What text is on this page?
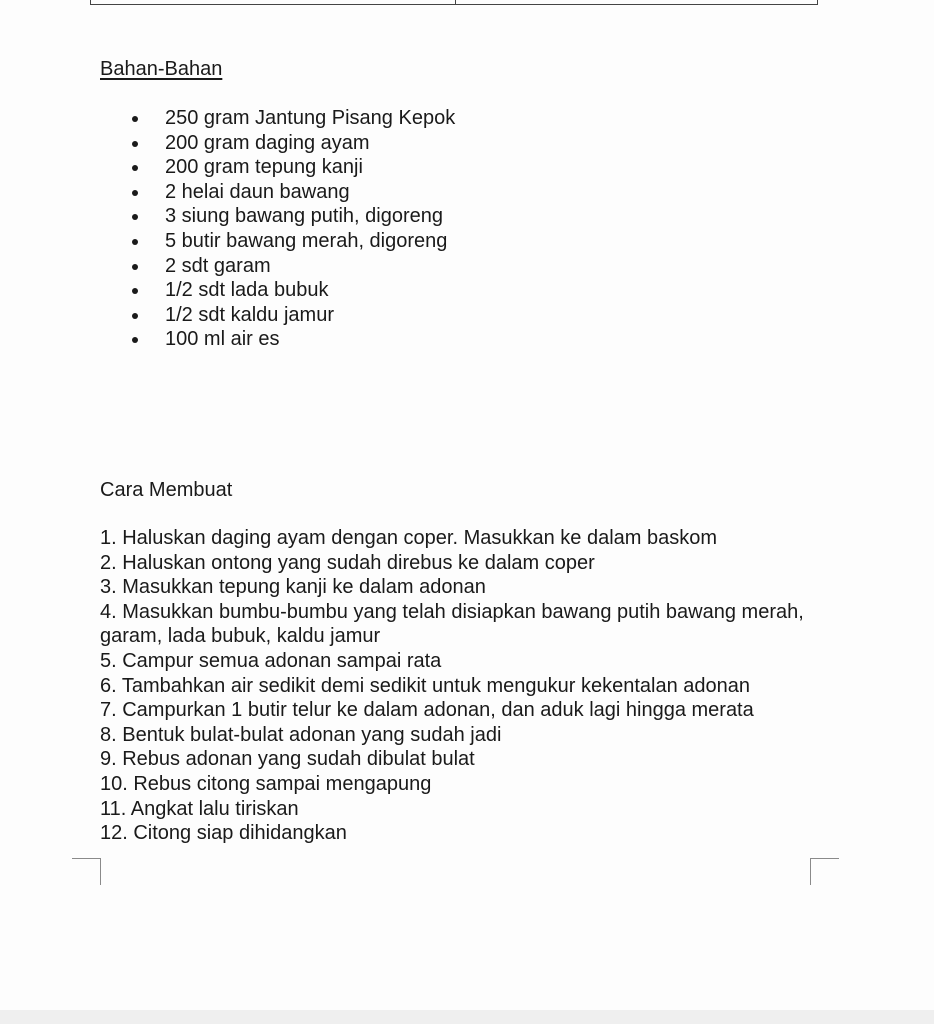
Bahan-Bahan
250 gram Jantung Pisang Kepok
200 gram daging ayam
200 gram tepung kanji
2 helai daun bawang
3 siung bawang putih, digoreng
5 butir bawang merah, digoreng
2 sdt garam
1/2 sdt lada bubuk
1/2 sdt kaldu jamur
100 ml air es
Cara Membuat
1. Haluskan daging ayam dengan coper. Masukkan ke dalam baskom
2. Haluskan ontong yang sudah direbus ke dalam coper
3. Masukkan tepung kanji ke dalam adonan
4. Masukkan bumbu-bumbu yang telah disiapkan bawang putih bawang merah, garam, lada bubuk, kaldu jamur
5. Campur semua adonan sampai rata
6. Tambahkan air sedikit demi sedikit untuk mengukur kekentalan adonan
7. Campurkan 1 butir telur ke dalam adonan, dan aduk lagi hingga merata
8. Bentuk bulat-bulat adonan yang sudah jadi
9. Rebus adonan yang sudah dibulat bulat
10. Rebus citong sampai mengapung
11. Angkat lalu tiriskan
12. Citong siap dihidangkan
